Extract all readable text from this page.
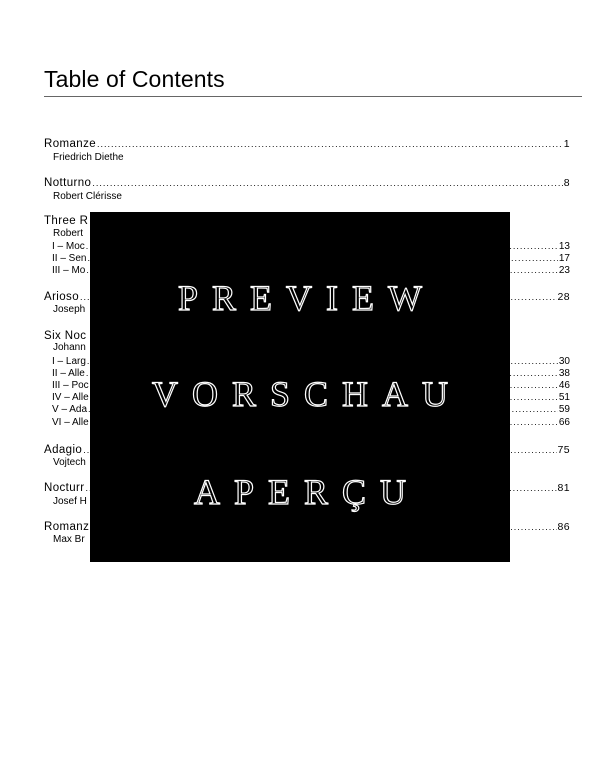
Table of Contents
Romanze .....	1
Friedrich Diethe
Notturno .....	8
Robert Clérisse
Three R
Robert
I – Moc .....	13
II – Sen .....	17
III – Mo .....	23
Arioso .....	28
Joseph
Six Noc
Johann
I – Larg .....	30
II – Alle .....	38
III – Poc .....	46
IV – Alle .....	51
V – Ada .....	59
VI – Alle .....	66
Adagio .....	75
Vojtech
Nocturr .....	81
Josef H
Romanz .....	86
Max Br
PREVIEW
VORSCHAU
APERÇU
